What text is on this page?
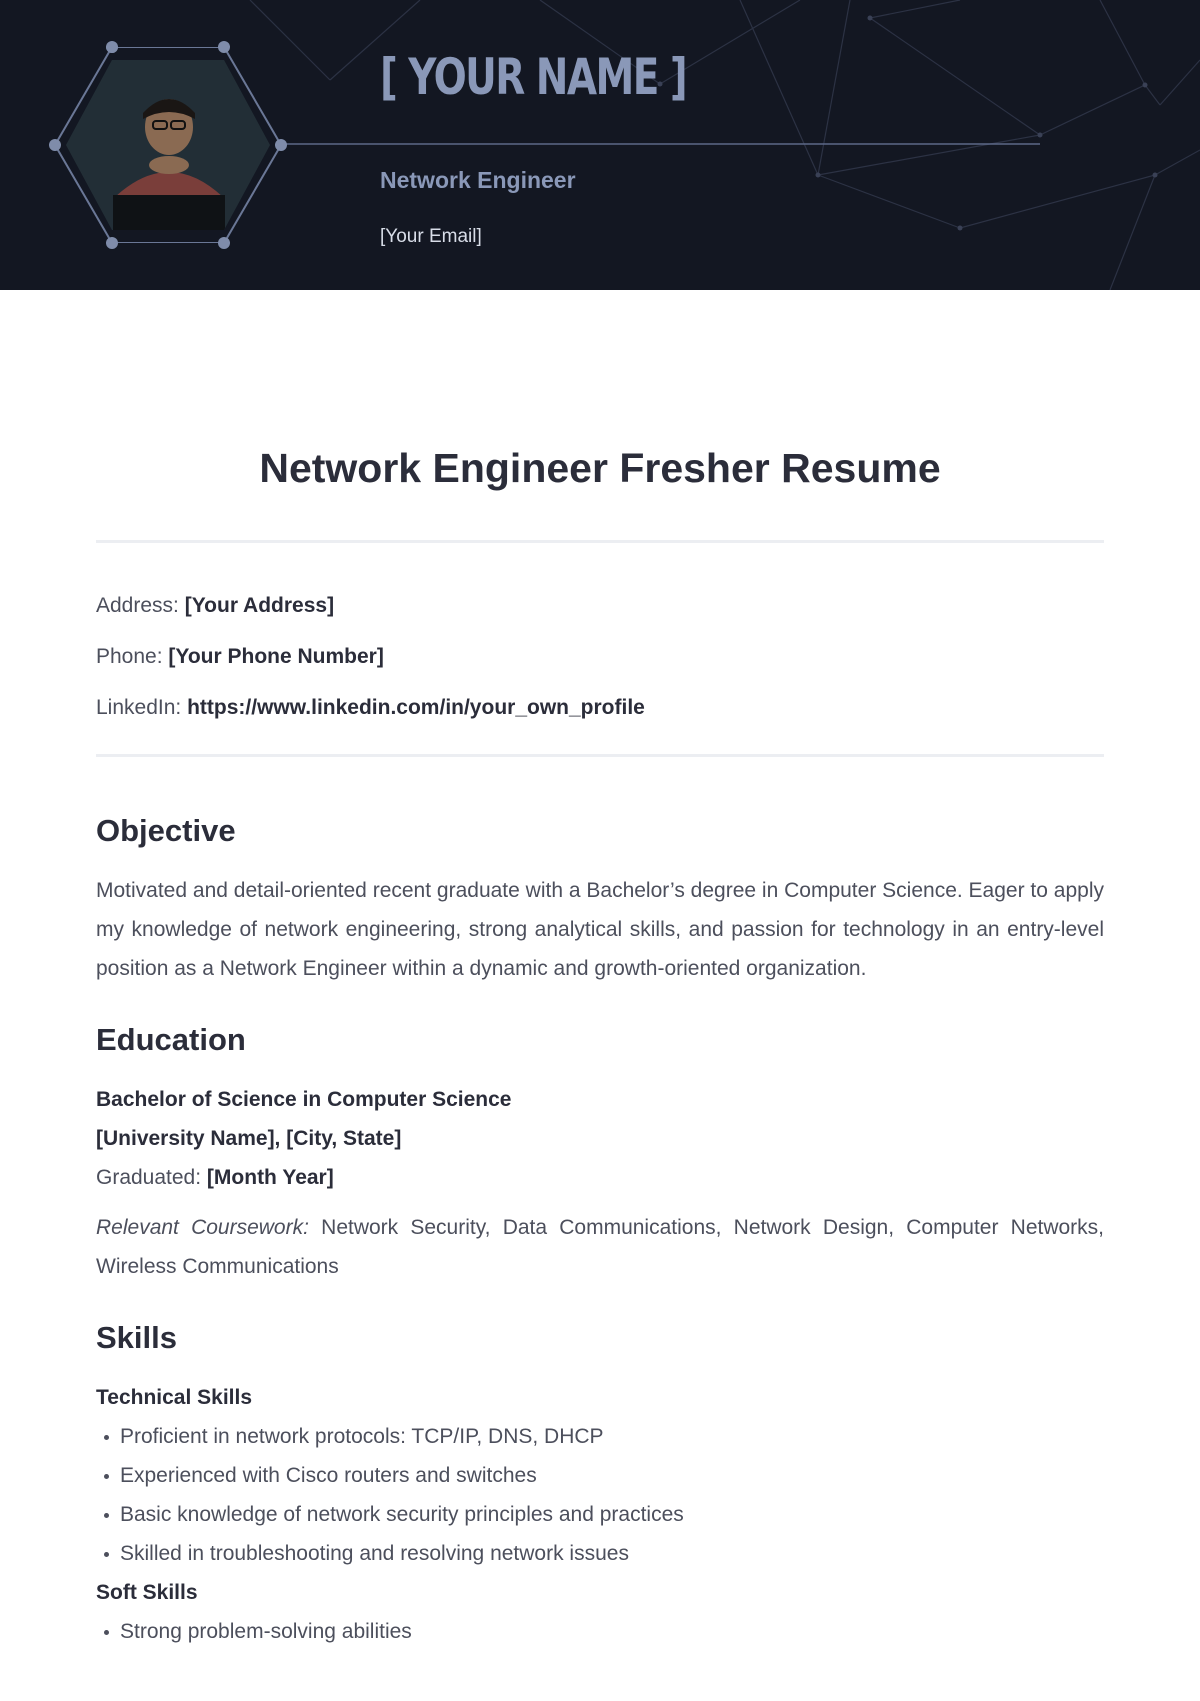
[ YOUR NAME ]
Network Engineer
[Your Email]
Network Engineer Fresher Resume
Address: [Your Address]
Phone: [Your Phone Number]
LinkedIn: https://www.linkedin.com/in/your_own_profile
Objective

Motivated and detail-oriented recent graduate with a Bachelor’s degree in Computer Science. Eager to apply my knowledge of network engineering, strong analytical skills, and passion for technology in an entry-level position as a Network Engineer within a dynamic and growth-oriented organization.

Education
Bachelor of Science in Computer Science
[University Name], [City, State]
Graduated: [Month Year]

Relevant Coursework: Network Security, Data Communications, Network Design, Computer Networks, Wireless Communications

Skills
Technical Skills
Proficient in network protocols: TCP/IP, DNS, DHCP
Experienced with Cisco routers and switches
Basic knowledge of network security principles and practices
Skilled in troubleshooting and resolving network issues
Soft Skills
Strong problem-solving abilities
